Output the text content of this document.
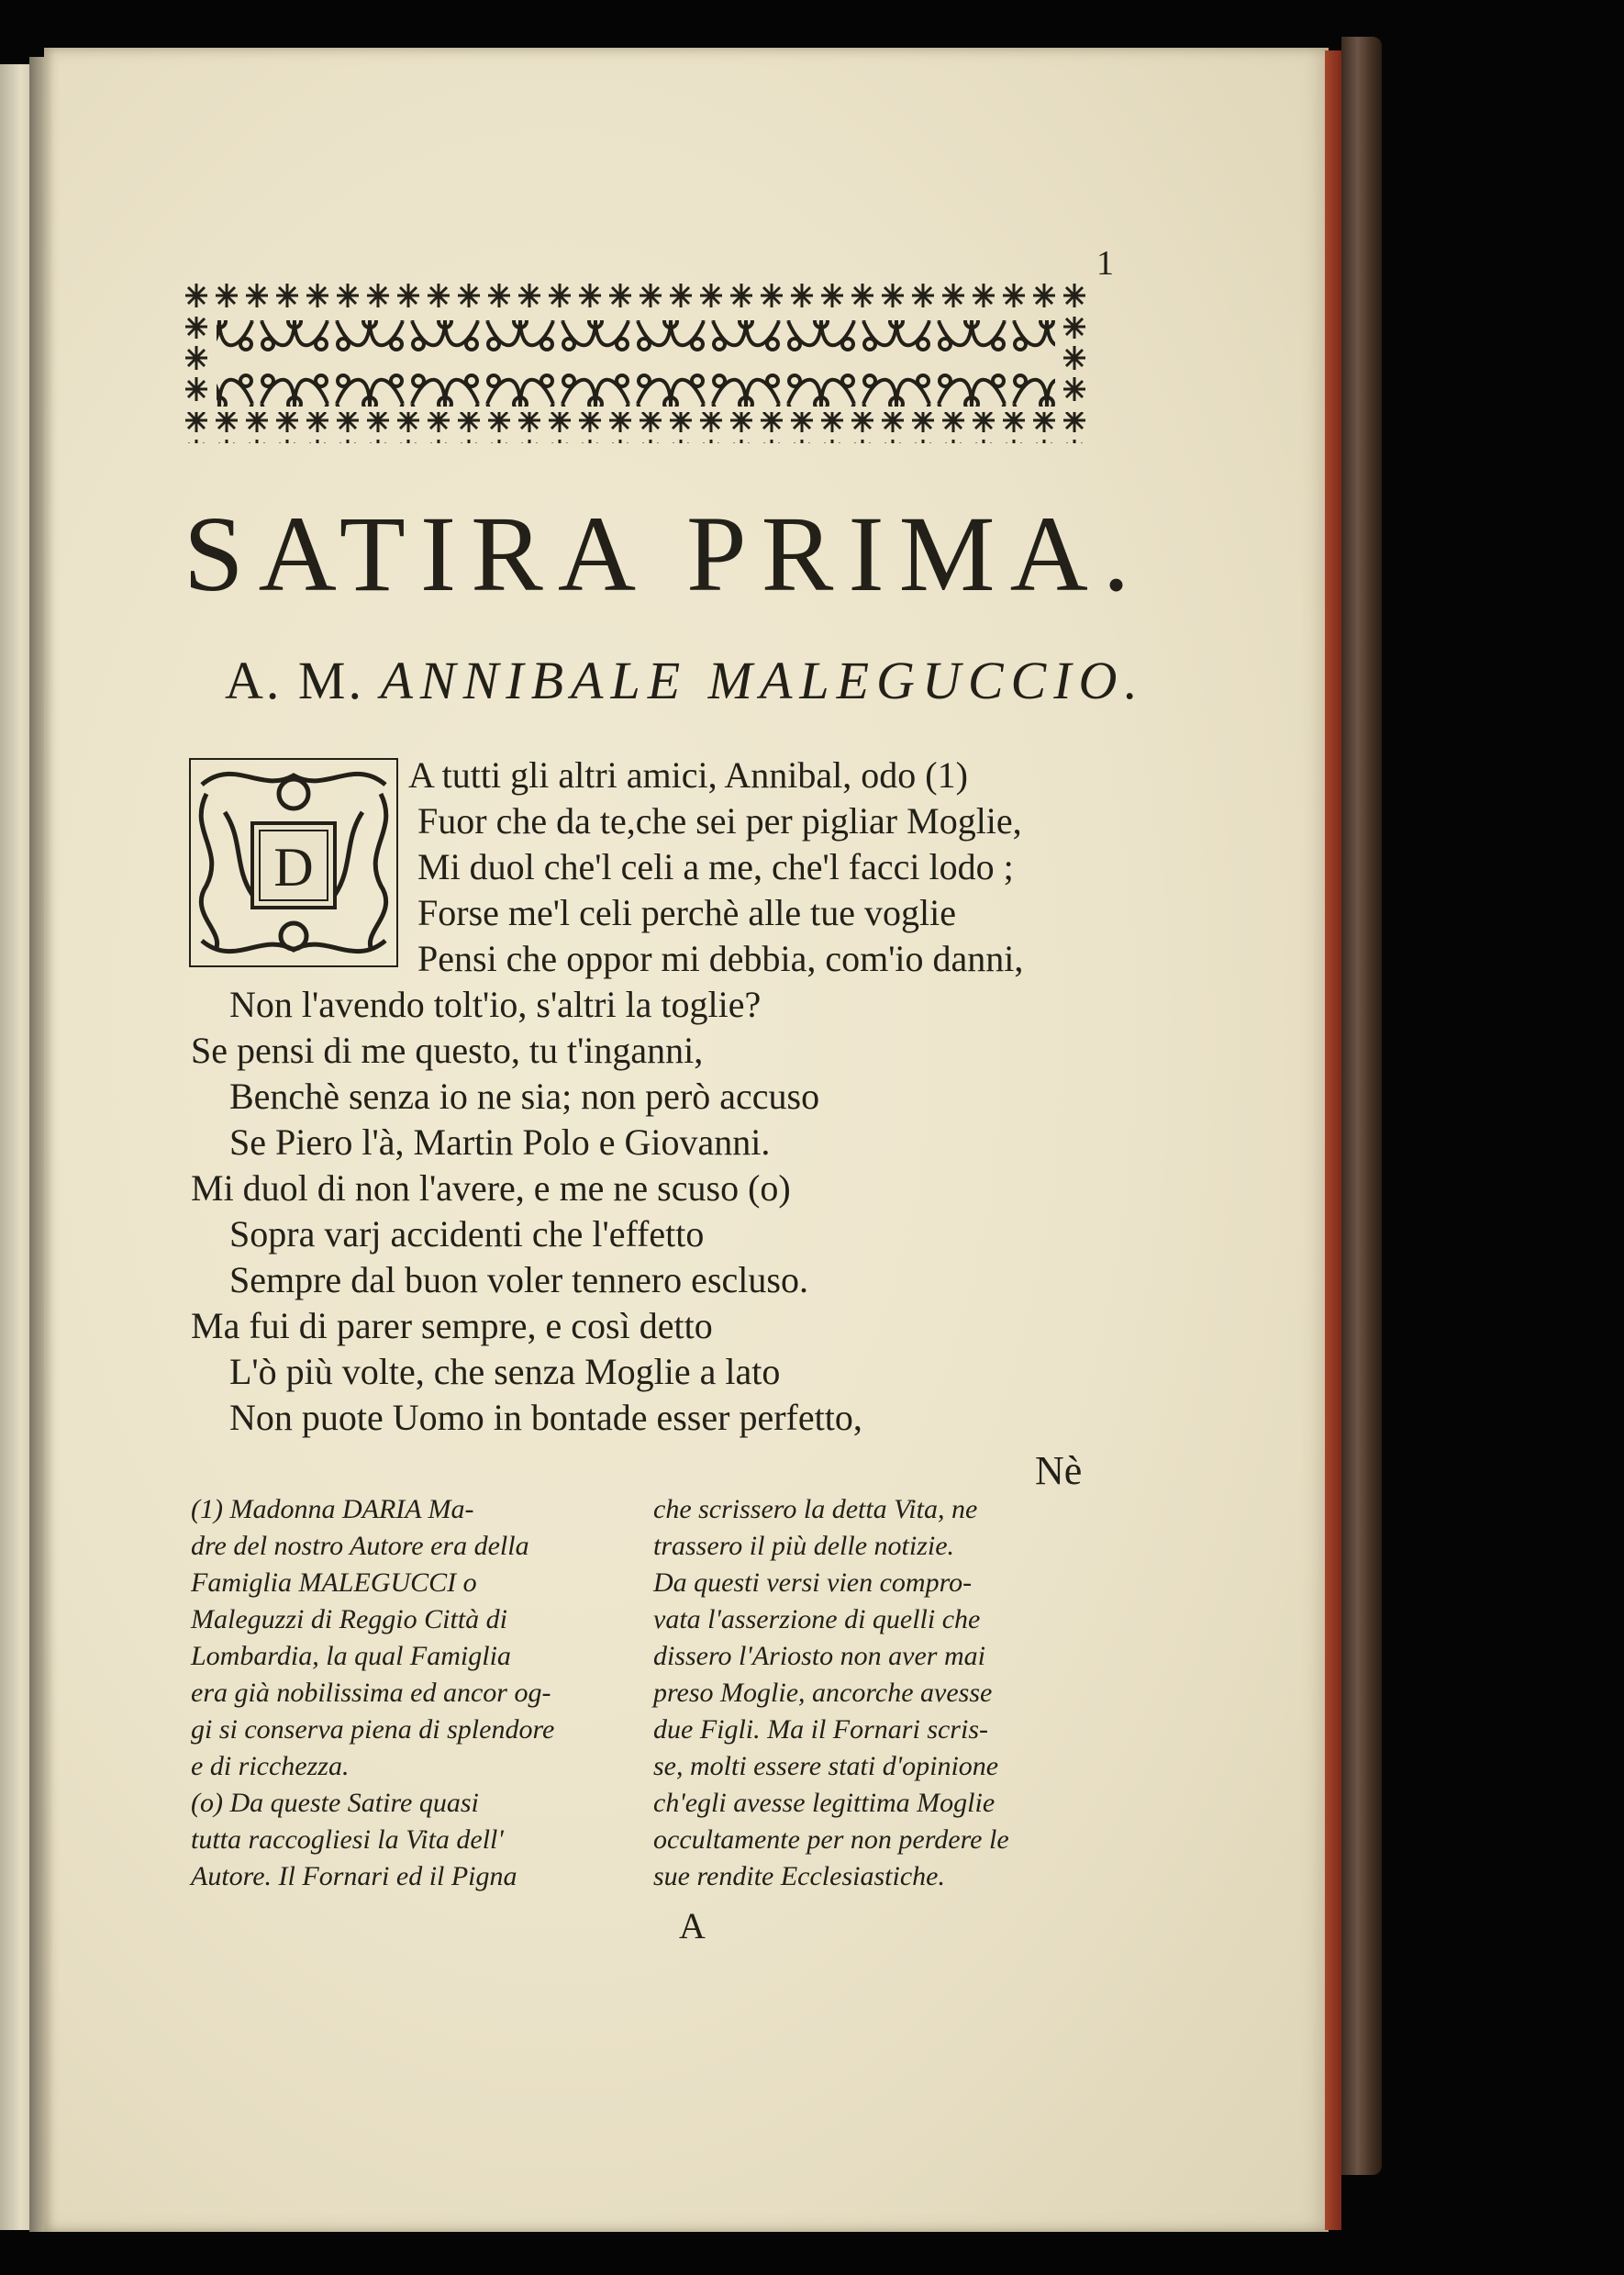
1
SATIRA PRIMA.
A. M. ANNIBALE MALEGUCCIO.
D
A tutti gli altri amici, Annibal, odo (1)
Fuor che da te,che sei per pigliar Moglie,
Mi duol che'l celi a me, che'l facci lodo ;
Forse me'l celi perchè alle tue voglie
Pensi che oppor mi debbia, com'io danni,
Non l'avendo tolt'io, s'altri la toglie?
Se pensi di me questo, tu t'inganni,
Benchè senza io ne sia; non però accuso
Se Piero l'à, Martin Polo e Giovanni.
Mi duol di non l'avere, e me ne scuso (o)
Sopra varj accidenti che l'effetto
Sempre dal buon voler tennero escluso.
Ma fui di parer sempre, e così detto
L'ò più volte, che senza Moglie a lato
Non puote Uomo in bontade esser perfetto,
Nè

(1) Madonna DARIA Ma-

dre del nostro Autore era della

Famiglia MALEGUCCI o

Maleguzzi di Reggio Città di

Lombardia, la qual Famiglia

era già nobilissima ed ancor og-

gi si conserva piena di splendore

e di ricchezza.

(o) Da queste Satire quasi

tutta raccogliesi la Vita dell'

Autore. Il Fornari ed il Pigna

che scrissero la detta Vita, ne

trassero il più delle notizie.

Da questi versi vien compro-

vata l'asserzione di quelli che

dissero l'Ariosto non aver mai

preso Moglie, ancorche avesse

due Figli. Ma il Fornari scris-

se, molti essere stati d'opinione

ch'egli avesse legittima Moglie

occultamente per non perdere le

sue rendite Ecclesiastiche.

A
